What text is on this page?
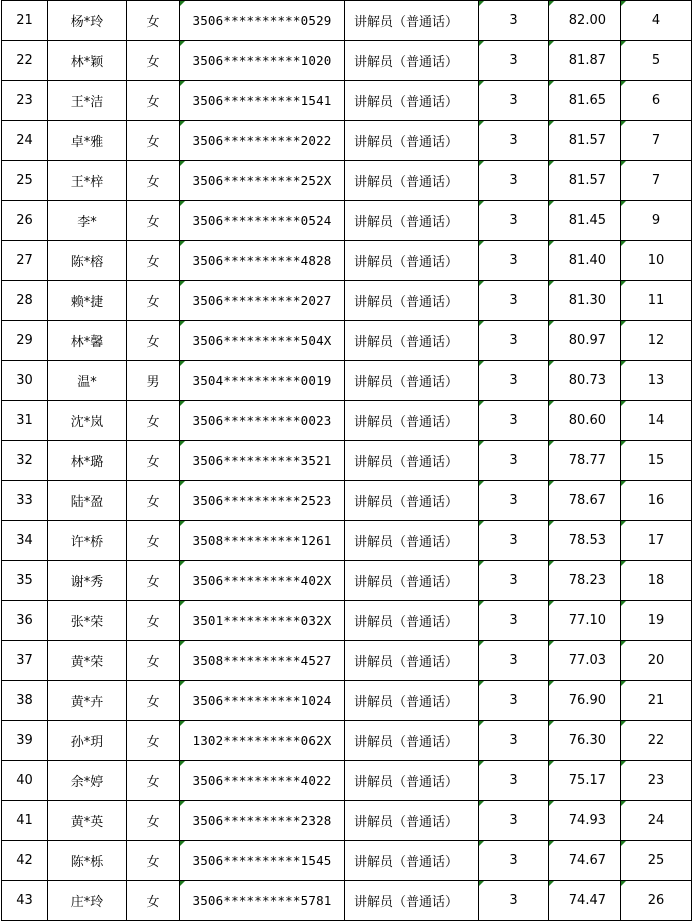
21	杨*玲	女	3506**********0529	讲解员（普通话）	3	82.00	4
22	林*颖	女	3506**********1020	讲解员（普通话）	3	81.87	5
23	王*洁	女	3506**********1541	讲解员（普通话）	3	81.65	6
24	卓*雅	女	3506**********2022	讲解员（普通话）	3	81.57	7
25	王*梓	女	3506**********252X	讲解员（普通话）	3	81.57	7
26	李*	女	3506**********0524	讲解员（普通话）	3	81.45	9
27	陈*榕	女	3506**********4828	讲解员（普通话）	3	81.40	10
28	赖*捷	女	3506**********2027	讲解员（普通话）	3	81.30	11
29	林*馨	女	3506**********504X	讲解员（普通话）	3	80.97	12
30	温*	男	3504**********0019	讲解员（普通话）	3	80.73	13
31	沈*岚	女	3506**********0023	讲解员（普通话）	3	80.60	14
32	林*璐	女	3506**********3521	讲解员（普通话）	3	78.77	15
33	陆*盈	女	3506**********2523	讲解员（普通话）	3	78.67	16
34	许*桥	女	3508**********1261	讲解员（普通话）	3	78.53	17
35	谢*秀	女	3506**********402X	讲解员（普通话）	3	78.23	18
36	张*荣	女	3501**********032X	讲解员（普通话）	3	77.10	19
37	黄*荣	女	3508**********4527	讲解员（普通话）	3	77.03	20
38	黄*卉	女	3506**********1024	讲解员（普通话）	3	76.90	21
39	孙*玥	女	1302**********062X	讲解员（普通话）	3	76.30	22
40	余*婷	女	3506**********4022	讲解员（普通话）	3	75.17	23
41	黄*英	女	3506**********2328	讲解员（普通话）	3	74.93	24
42	陈*栎	女	3506**********1545	讲解员（普通话）	3	74.67	25
43	庄*玲	女	3506**********5781	讲解员（普通话）	3	74.47	26
